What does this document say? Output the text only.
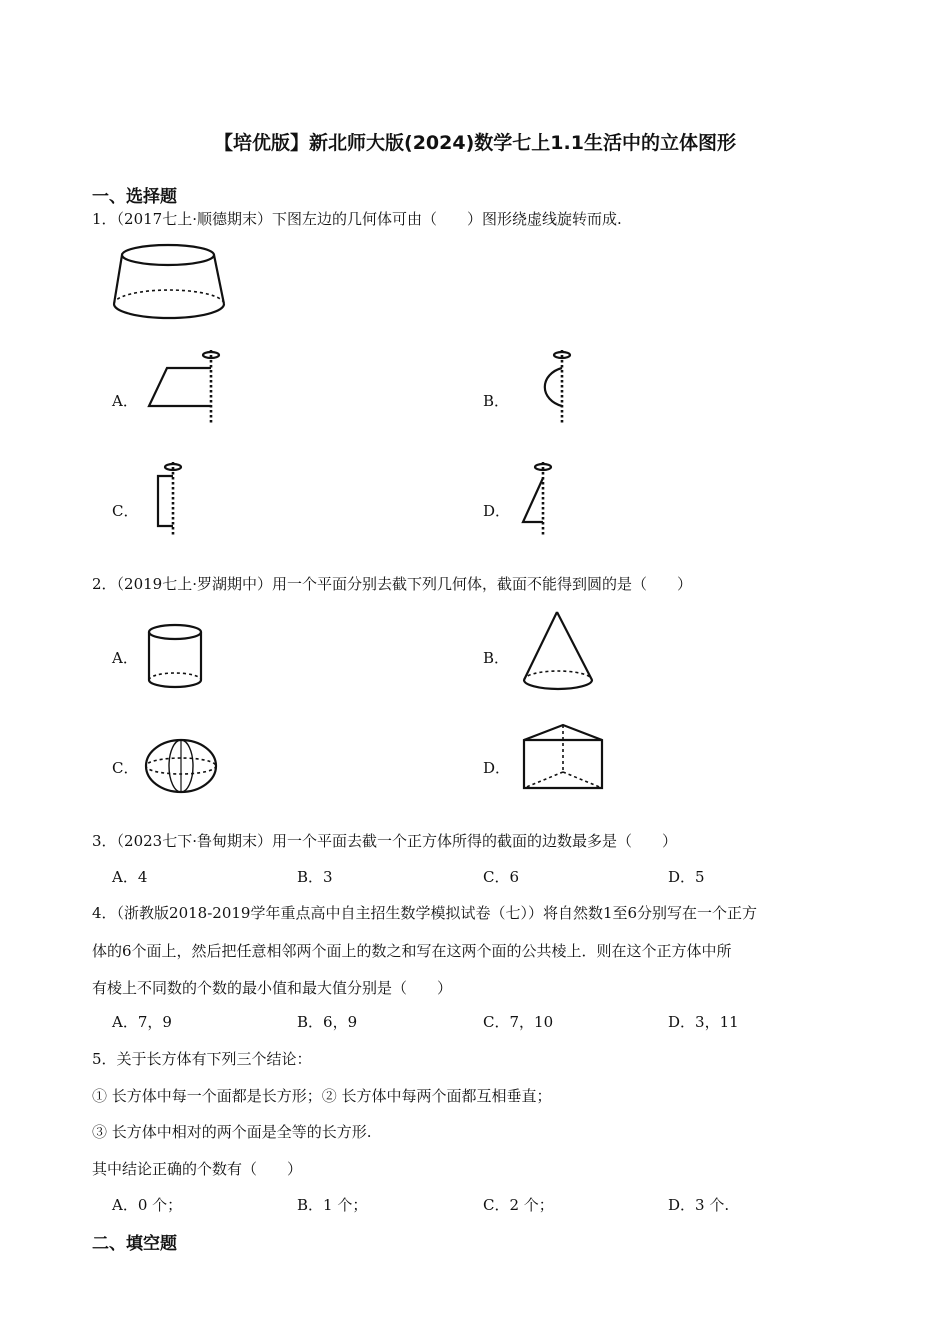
【培优版】新北师大版(2024)数学七上1.1生活中的立体图形
一、选择题
1．（2017七上·顺德期末）下图左边的几何体可由（　　）图形绕虚线旋转而成.
A．	B．
C．	D．
2．（2019七上·罗湖期中）用一个平面分别去截下列几何体，截面不能得到圆的是（　　）
A．	B．
C．	D．
3．（2023七下·鲁甸期末）用一个平面去截一个正方体所得的截面的边数最多是（　　）
A．4	B．3	C．6	D．5
4．（浙教版2018-2019学年重点高中自主招生数学模拟试卷（七））将自然数1至6分别写在一个正方
体的6个面上，然后把任意相邻两个面上的数之和写在这两个面的公共棱上．则在这个正方体中所
有棱上不同数的个数的最小值和最大值分别是（　　）
A．7，9	B．6，9	C．7，10	D．3，11
5．关于长方体有下列三个结论：
① 长方体中每一个面都是长方形；② 长方体中每两个面都互相垂直；
③ 长方体中相对的两个面是全等的长方形.
其中结论正确的个数有（　　）
A．0 个；	B．1 个；	C．2 个；	D．3 个.
二、填空题
